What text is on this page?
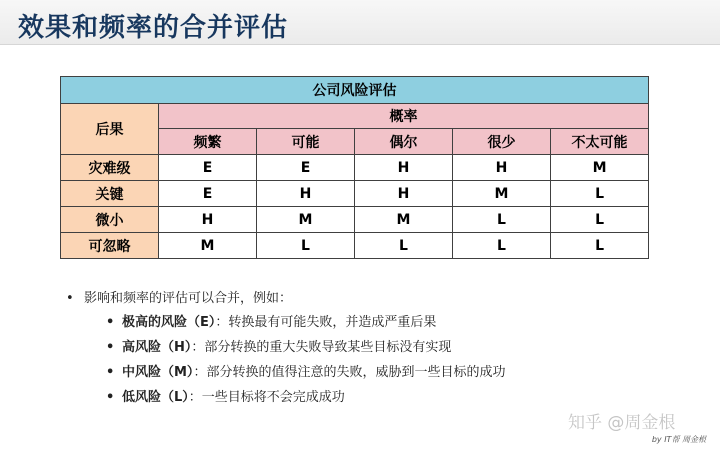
效果和频率的合并评估
公司风险评估					
后果	概率				
	频繁	可能	偶尔	很少	不太可能
灾难级	E	E	H	H	M
关键	E	H	H	M	L
微小	H	M	M	L	L
可忽略	M	L	L	L	L
• 影响和频率的评估可以合并，例如：
• 极高的风险（E）：转换最有可能失败，并造成严重后果
• 高风险（H）：部分转换的重大失败导致某些目标没有实现
• 中风险（M）：部分转换的值得注意的失败，威胁到一些目标的成功
• 低风险（L）：一些目标将不会完成成功
知乎 @周金根
by IT帮 周金根
